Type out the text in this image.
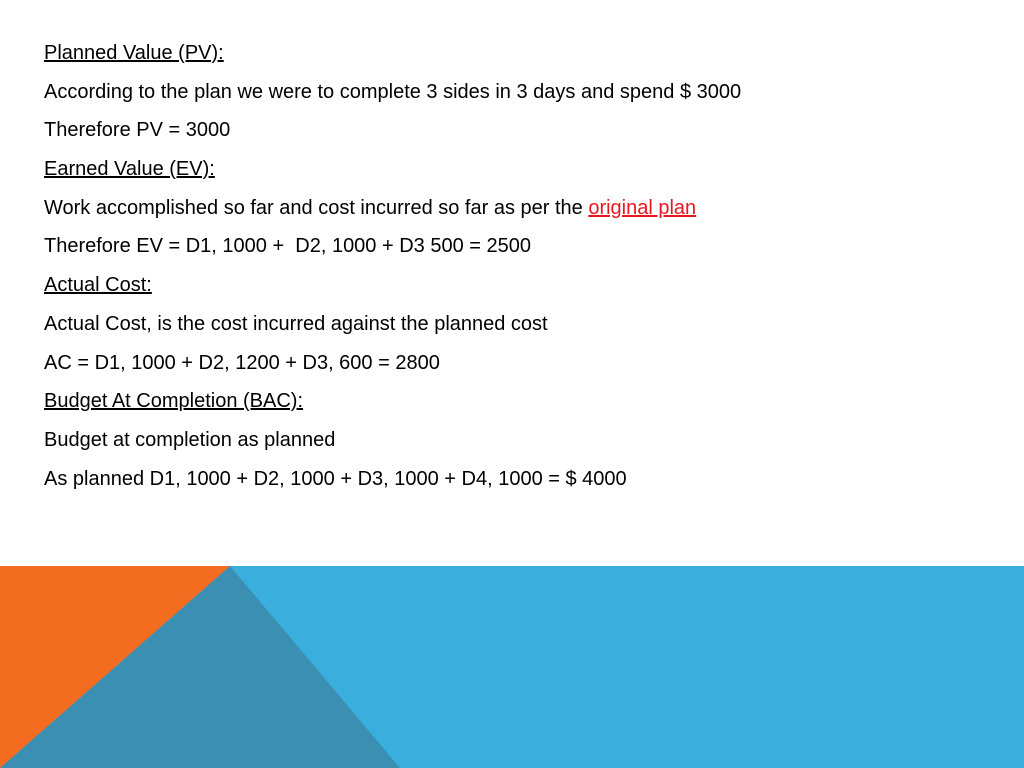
Planned Value (PV):
According to the plan we were to complete 3 sides in 3 days and spend $ 3000
Therefore PV = 3000
Earned Value (EV):
Work accomplished so far and cost incurred so far as per the original plan
Therefore EV = D1, 1000 +  D2, 1000 + D3 500 = 2500
Actual Cost:
Actual Cost, is the cost incurred against the planned cost
AC = D1, 1000 + D2, 1200 + D3, 600 = 2800
Budget At Completion (BAC):
Budget at completion as planned
As planned D1, 1000 + D2, 1000 + D3, 1000 + D4, 1000 = $ 4000
